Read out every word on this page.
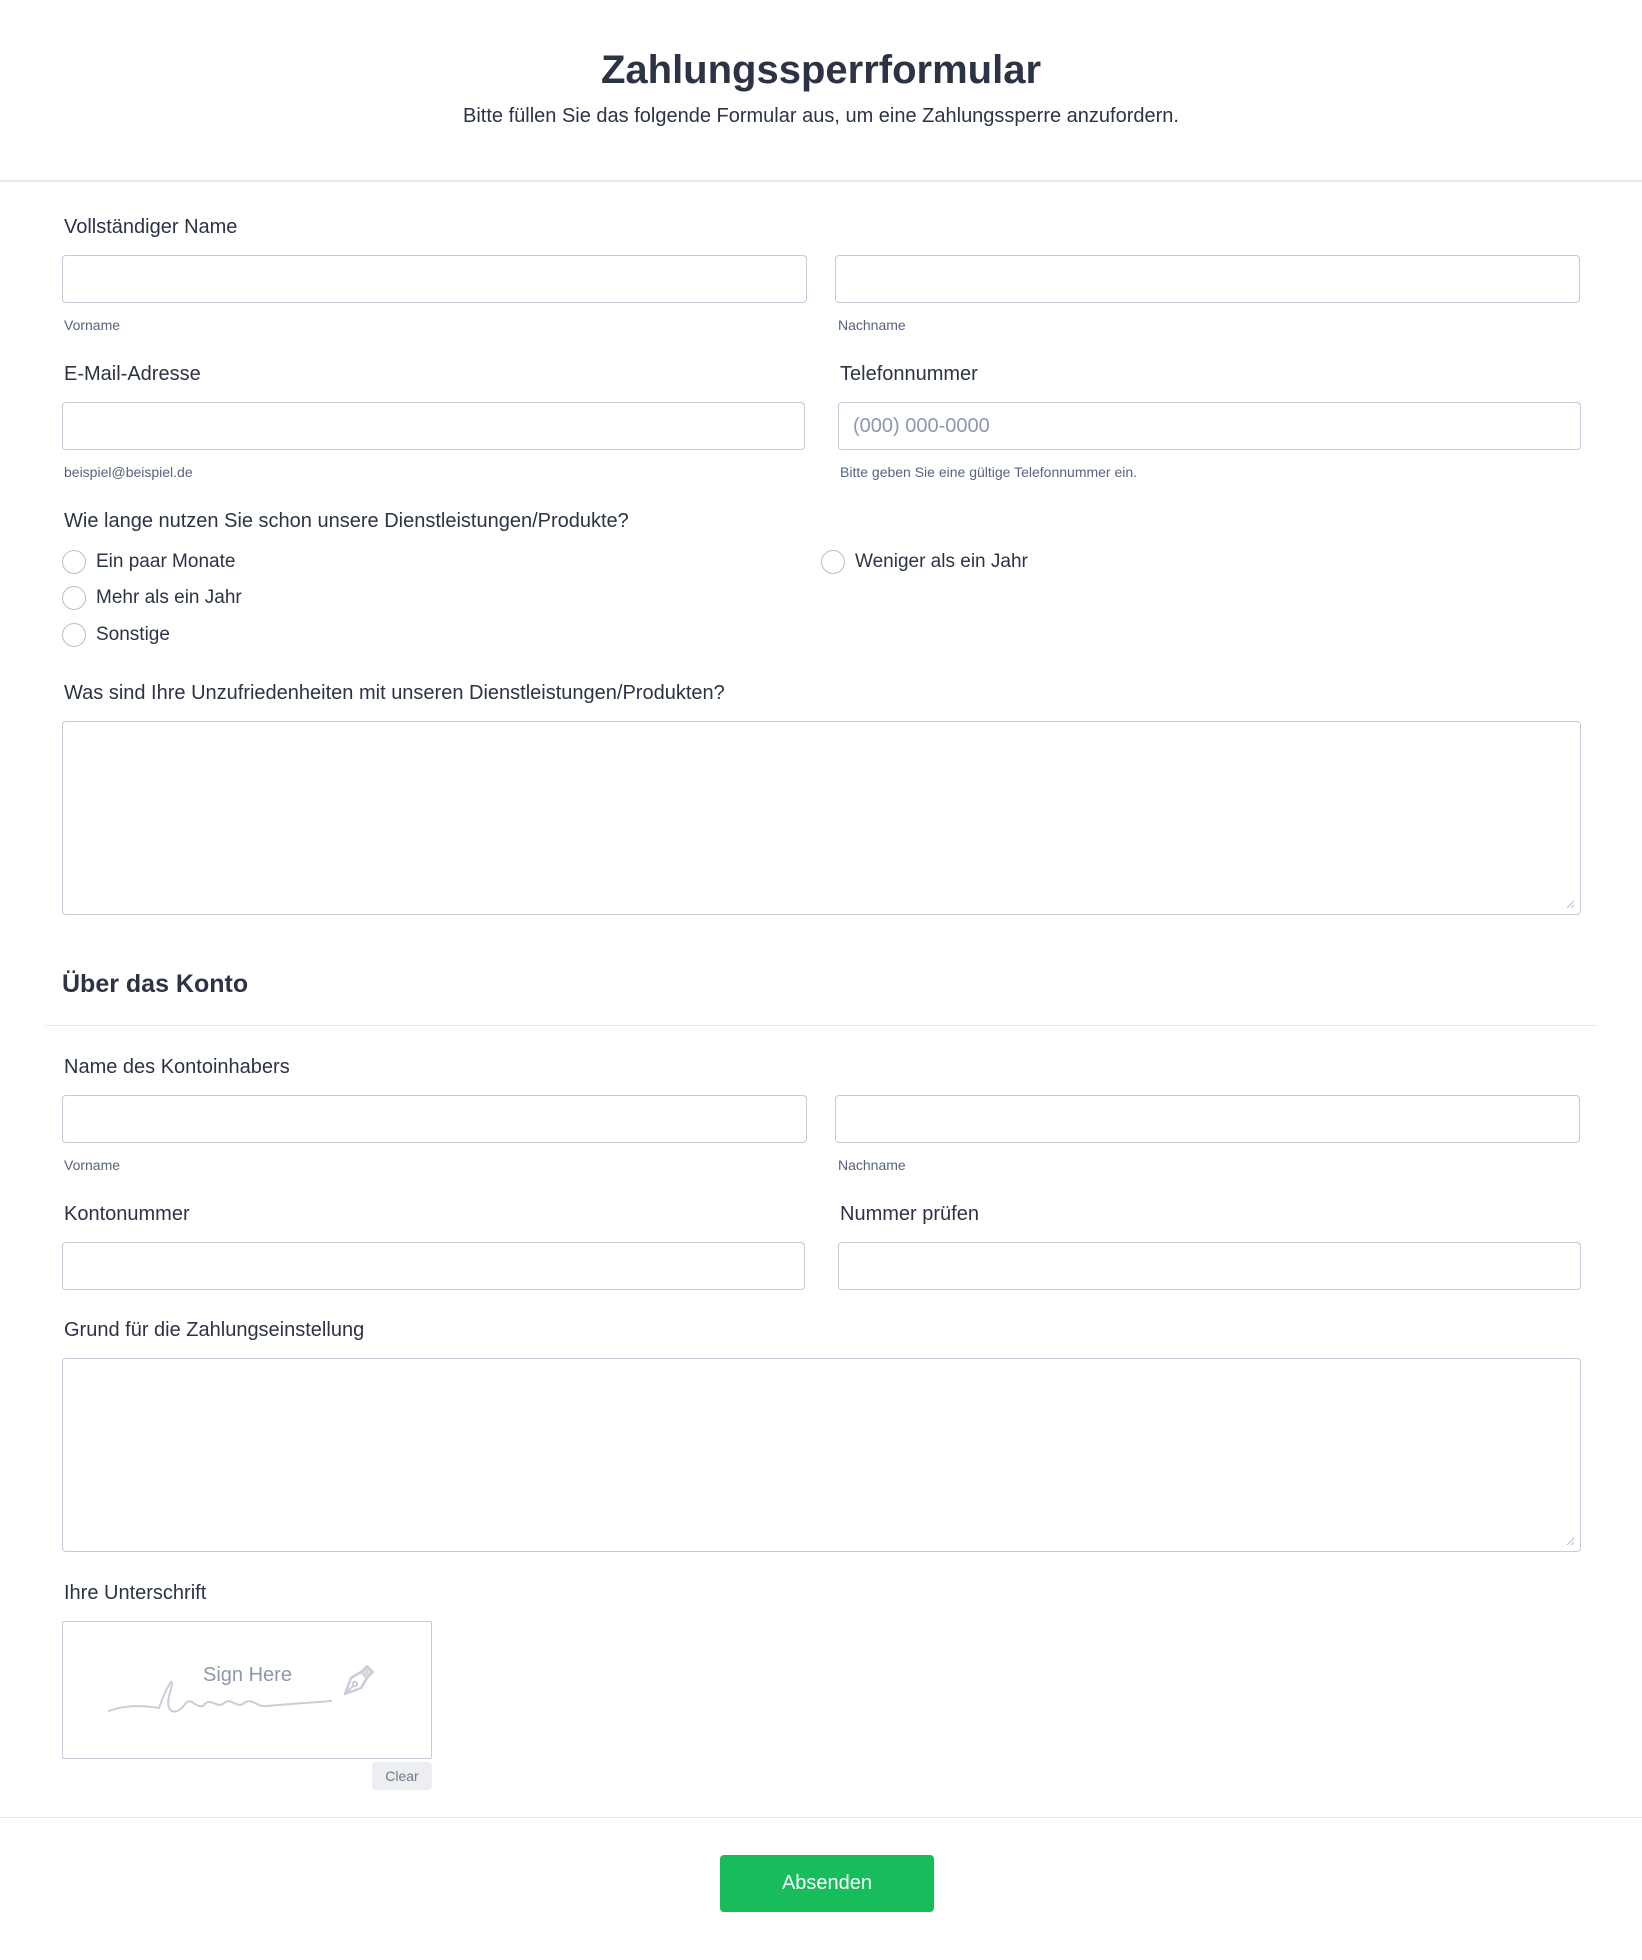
Zahlungssperrformular

Bitte füllen Sie das folgende Formular aus, um eine Zahlungssperre anzufordern.

Vollständiger Name
Vorname	Nachname
E-Mail-Adresse	Telefonnummer
(000) 000-0000
beispiel@beispiel.de	Bitte geben Sie eine gültige Telefonnummer ein.
Wie lange nutzen Sie schon unsere Dienstleistungen/Produkte?
Ein paar Monate	Weniger als ein Jahr
Mehr als ein Jahr
Sonstige
Was sind Ihre Unzufriedenheiten mit unseren Dienstleistungen/Produkten?
Über das Konto
Name des Kontoinhabers
Vorname	Nachname
Kontonummer	Nummer prüfen
Grund für die Zahlungseinstellung
Ihre Unterschrift
Sign Here
Clear
Absenden
